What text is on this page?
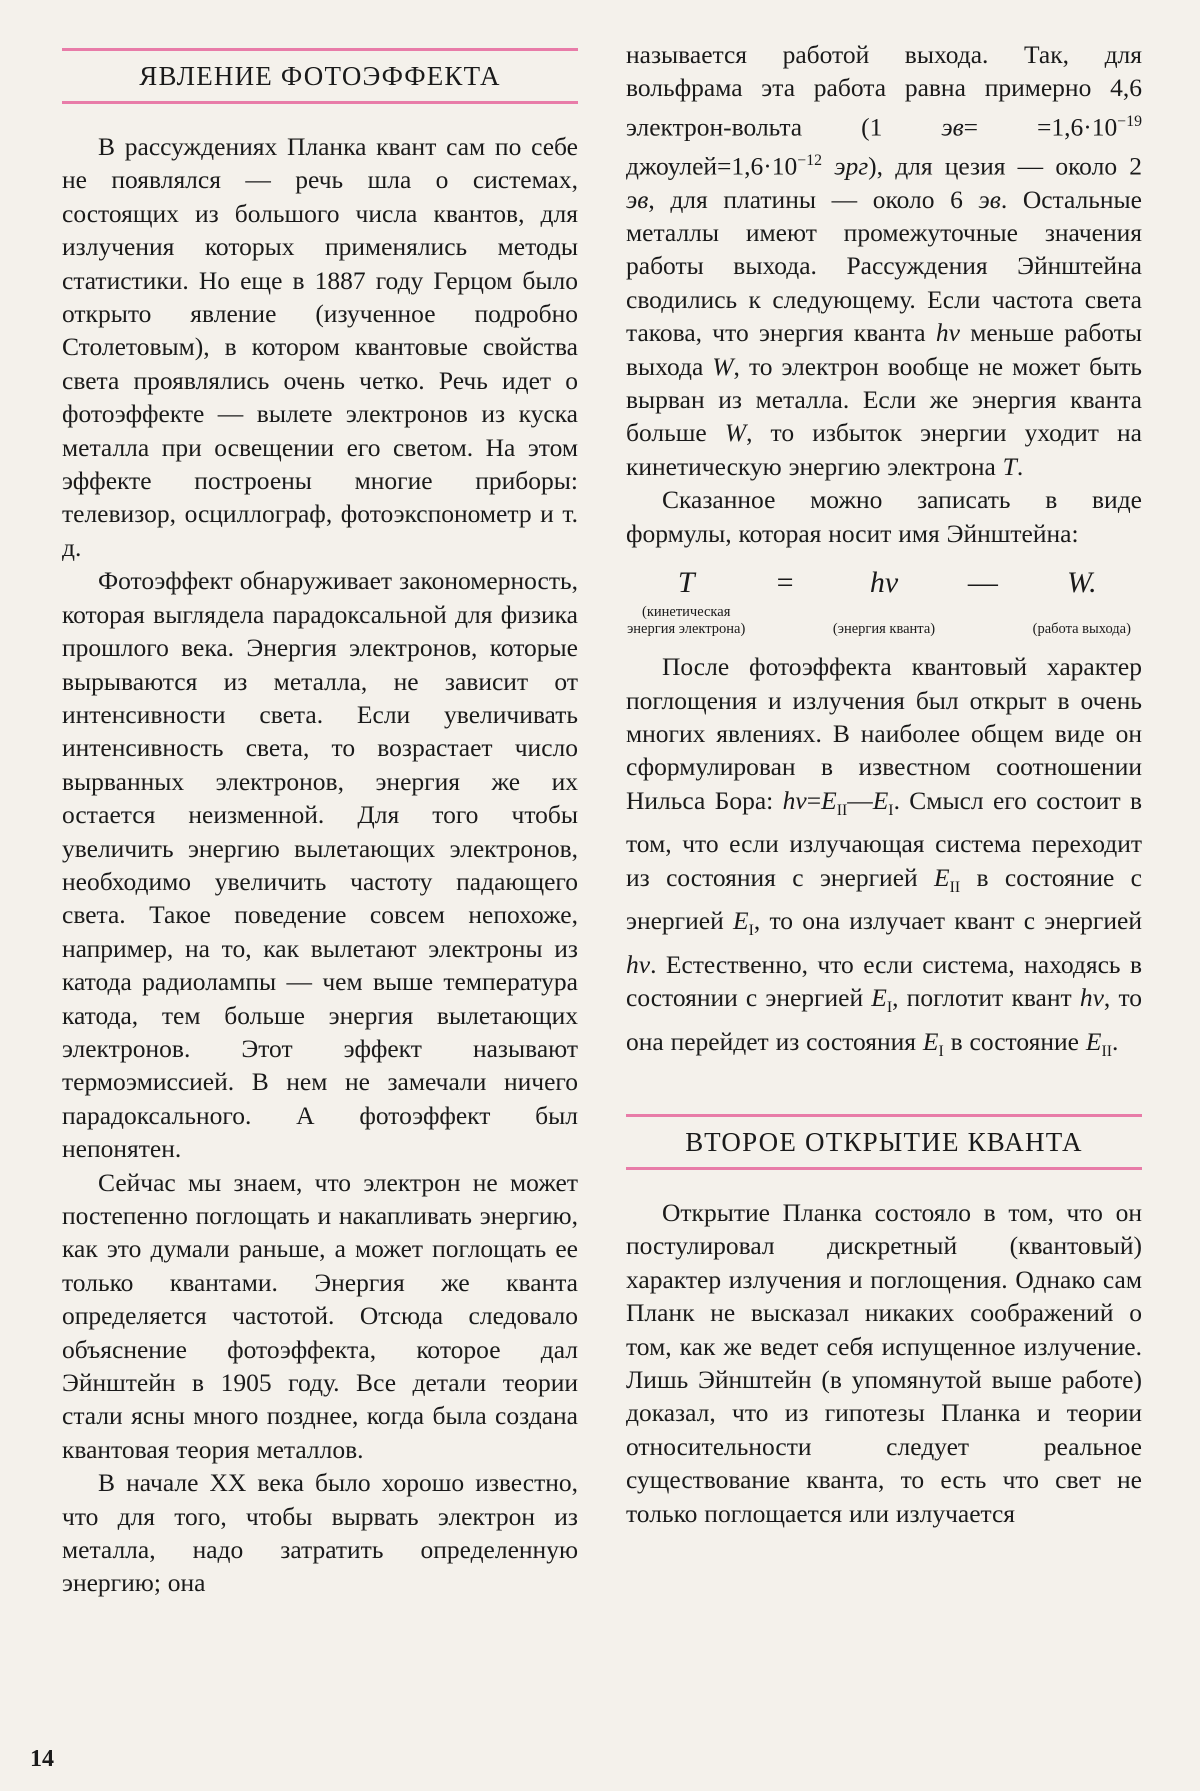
ЯВЛЕНИЕ ФОТОЭФФЕКТА

В рассуждениях Планка квант сам по себе не появлялся — речь шла о системах, состоящих из большого числа квантов, для излучения которых применялись методы статистики. Но еще в 1887 году Герцом было открыто явление (изученное подробно Столетовым), в котором квантовые свойства света проявлялись очень четко. Речь идет о фотоэффекте — вылете электронов из куска металла при освещении его светом. На этом эффекте построены многие приборы: телевизор, осциллограф, фотоэкспонометр и т. д.

Фотоэффект обнаруживает закономерность, которая выглядела парадоксальной для физика прошлого века. Энергия электронов, которые вырываются из металла, не зависит от интенсивности света. Если увеличивать интенсивность света, то возрастает число вырванных электронов, энергия же их остается неизменной. Для того чтобы увеличить энергию вылетающих электронов, необходимо увеличить частоту падающего света. Такое поведение совсем непохоже, например, на то, как вылетают электроны из катода радиолампы — чем выше температура катода, тем больше энергия вылетающих электронов. Этот эффект называют термоэмиссией. В нем не замечали ничего парадоксального. А фотоэффект был непонятен.

Сейчас мы знаем, что электрон не может постепенно поглощать и накапливать энергию, как это думали раньше, а может поглощать ее только квантами. Энергия же кванта определяется частотой. Отсюда следовало объяснение фотоэффекта, которое дал Эйнштейн в 1905 году. Все детали теории стали ясны много позднее, когда была создана квантовая теория металлов.

В начале XX века было хорошо известно, что для того, чтобы вырвать электрон из металла, надо затратить определенную энергию; она

называется работой выхода. Так, для вольфрама эта работа равна примерно 4,6 электрон-вольта (1 $эв= =1,6\cdot 10^{-19}$ $джоулей=1,6\cdot 10^{-12}$ эрг), для цезия — около 2 эв, для платины — около 6 эв. Остальные металлы имеют промежуточные значения работы выхода. Рассуждения Эйнштейна сводились к следующему. Если частота света такова, что энергия кванта hν меньше работы выхода W, то электрон вообще не может быть вырван из металла. Если же энергия кванта больше W, то избыток энергии уходит на кинетическую энергию электрона T.

Сказанное можно записать в виде формулы, которая носит имя Эйнштейна:

T	=	hν	—	W.
(кинетическая энергия электрона)	(энергия кванта)	(работа выхода)

После фотоэффекта квантовый характер поглощения и излучения был открыт в очень многих явлениях. В наиболее общем виде он сформулирован в известном соотношении Нильса Бора: $h\nu=E_{II}—E_I$. Смысл его состоит в том, что если излучающая система переходит из состояния с энергией $E_{II}$ в состояние с энергией $E_I$, то она излучает квант с энергией hν. Естественно, что если система, находясь в состоянии с энергией $E_I$, поглотит квант hν, то она перейдет из состояния $E_I$ в состояние $E_{II}$.

ВТОРОЕ ОТКРЫТИЕ КВАНТА

Открытие Планка состояло в том, что он постулировал дискретный (квантовый) характер излучения и поглощения. Однако сам Планк не высказал никаких соображений о том, как же ведет себя испущенное излучение. Лишь Эйнштейн (в упомянутой выше работе) доказал, что из гипотезы Планка и теории относительности следует реальное существование кванта, то есть что свет не только поглощается или излучается

14
